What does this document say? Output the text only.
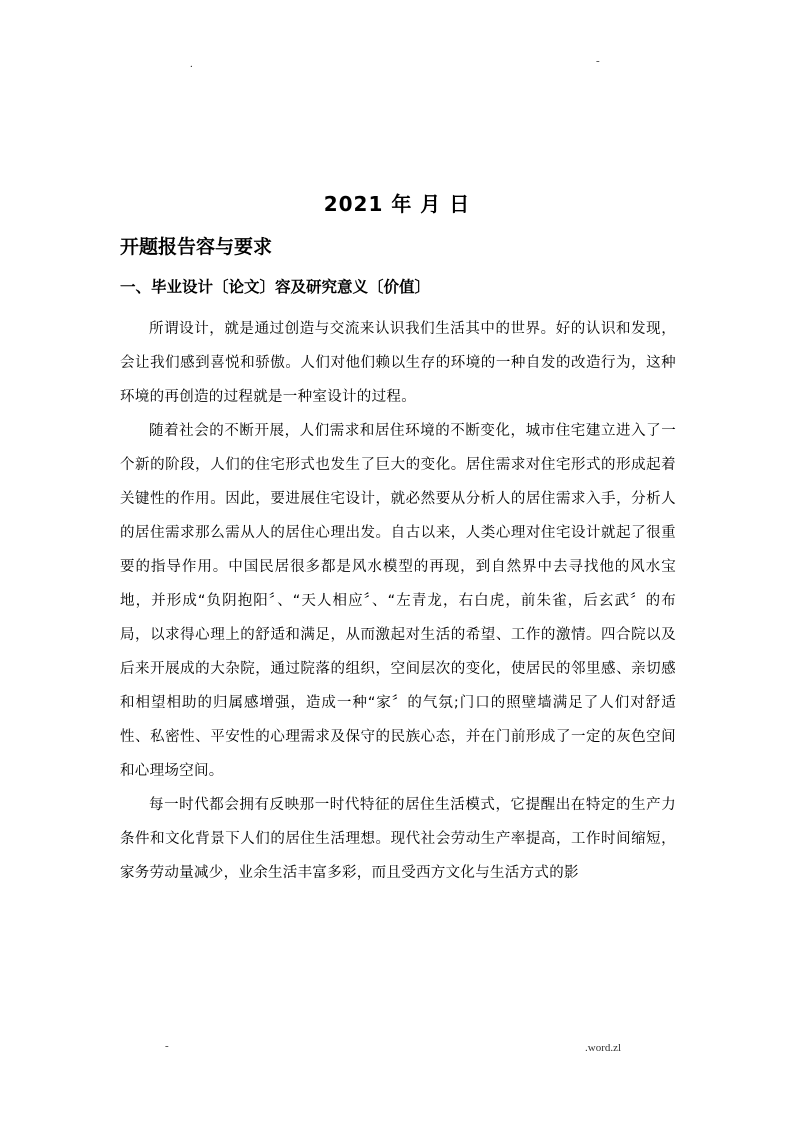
.	-
2021 年 月 日
开题报告容与要求
一、毕业设计〔论文〕容及研究意义〔价值〕

所谓设计，就是通过创造与交流来认识我们生活其中的世界。好的认识和发现，会让我们感到喜悦和骄傲。人们对他们赖以生存的环境的一种自发的改造行为，这种环境的再创造的过程就是一种室设计的过程。

随着社会的不断开展，人们需求和居住环境的不断变化，城市住宅建立进入了一个新的阶段，人们的住宅形式也发生了巨大的变化。居住需求对住宅形式的形成起着关键性的作用。因此，要进展住宅设计，就必然要从分析人的居住需求入手，分析人的居住需求那么需从人的居住心理出发。自古以来，人类心理对住宅设计就起了很重要的指导作用。中国民居很多都是风水模型的再现，到自然界中去寻找他的风水宝地，并形成“负阴抱阳〞、“天人相应〞、“左青龙，右白虎，前朱雀，后玄武〞的布局，以求得心理上的舒适和满足，从而激起对生活的希望、工作的激情。四合院以及后来开展成的大杂院，通过院落的组织，空间层次的变化，使居民的邻里感、亲切感和相望相助的归属感增强，造成一种“家〞的气氛;门口的照壁墙满足了人们对舒适性、私密性、平安性的心理需求及保守的民族心态，并在门前形成了一定的灰色空间和心理场空间。

每一时代都会拥有反映那一时代特征的居住生活模式，它提醒出在特定的生产力条件和文化背景下人们的居住生活理想。现代社会劳动生产率提高，工作时间缩短，家务劳动量减少，业余生活丰富多彩，而且受西方文化与生活方式的影

-	.word.zl
